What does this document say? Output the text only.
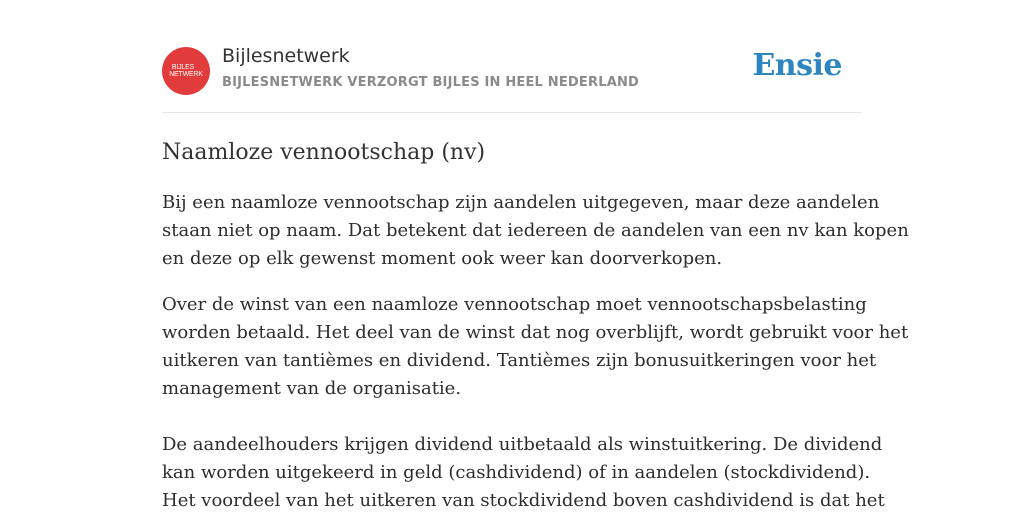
BIJLES
NETWERK
Bijlesnetwerk
BIJLESNETWERK VERZORGT BIJLES IN HEEL NEDERLAND	Ensie
Naamloze vennootschap (nv)

Bij een naamloze vennootschap zijn aandelen uitgegeven, maar deze aandelen
staan niet op naam. Dat betekent dat iedereen de aandelen van een nv kan kopen
en deze op elk gewenst moment ook weer kan doorverkopen.

Over de winst van een naamloze vennootschap moet vennootschapsbelasting
worden betaald. Het deel van de winst dat nog overblijft, wordt gebruikt voor het
uitkeren van tantièmes en dividend. Tantièmes zijn bonusuitkeringen voor het
management van de organisatie.

De aandeelhouders krijgen dividend uitbetaald als winstuitkering. De dividend
kan worden uitgekeerd in geld (cashdividend) of in aandelen (stockdividend).
Het voordeel van het uitkeren van stockdividend boven cashdividend is dat het
